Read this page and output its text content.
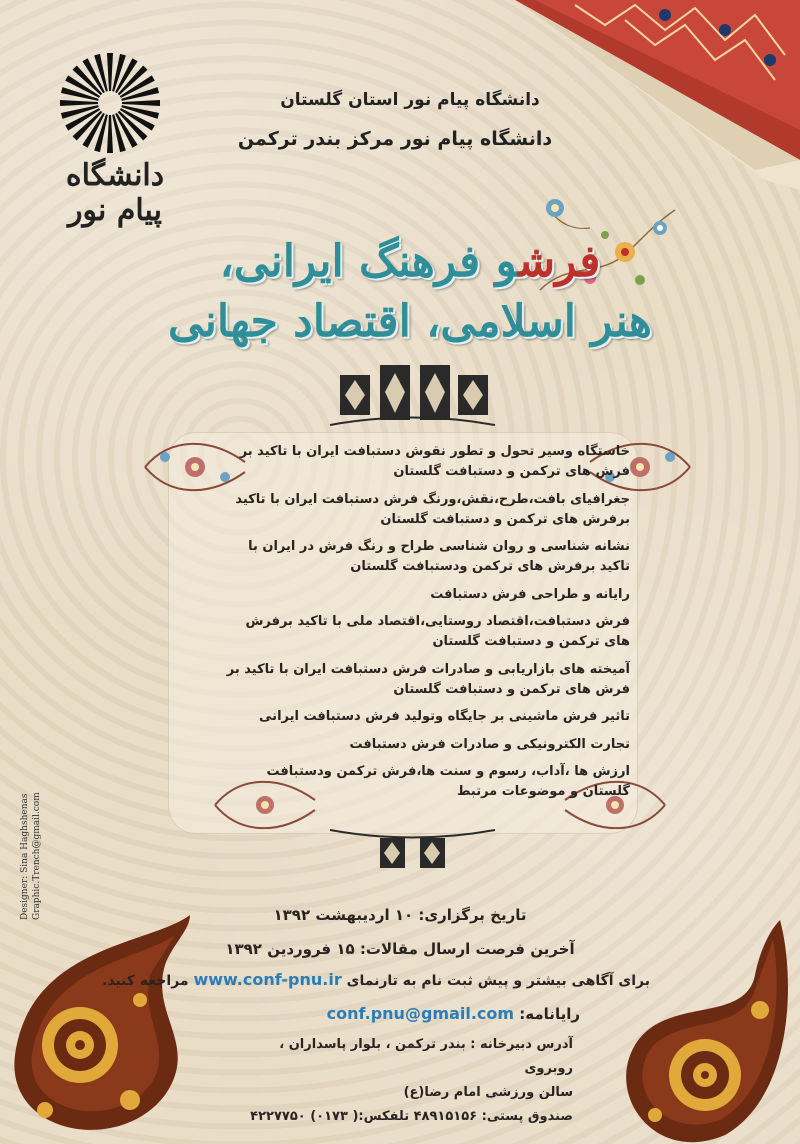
دانشگاه پیام نور
دانشگاه پیام نور استان گلستان
دانشگاه پیام نور مرکز بندر ترکمن
فرشو فرهنگ ایرانی،
هنر اسلامی، اقتصاد جهانی

خاستگاه وسیر تحول و تطور نقوش دستبافت ایران با تاکید بر فرش های ترکمن و دستبافت گلستان

جغرافیای بافت،طرح،نقش،ورنگ فرش دستبافت ایران با تاکید برفرش های ترکمن و دستبافت گلستان

نشانه شناسی و روان شناسی طراح و رنگ فرش در ایران با تاکید برفرش های ترکمن ودستبافت گلستان

رایانه و طراحی فرش دستبافت

فرش دستبافت،اقتصاد روستایی،اقتصاد ملی با تاکید برفرش های ترکمن و دستبافت گلستان

آمیخته های بازاریابی و صادرات فرش دستبافت ایران با تاکید بر فرش های ترکمن و دستبافت گلستان

تاثیر فرش ماشینی بر جایگاه وتولید فرش دستبافت ایرانی

تجارت الکترونیکی و صادرات فرش دستبافت

ارزش ها ،آداب، رسوم و سنت ها،فرش ترکمن ودستبافت گلستان و موضوعات مرتبط

تاریخ برگزاری: ۱۰ اردیبهشت ۱۳۹۲
آخرین فرصت ارسال مقالات: ۱۵ فروردین ۱۳۹۲
برای آگاهی بیشتر و پیش ثبت نام به تارنمای www.conf-pnu.ir مراجعه کنید.
رایانامه: conf.pnu@gmail.com
آدرس دبیرخانه : بندر ترکمن ، بلوار پاسداران ، روبروی
سالن ورزشی امام رضا(ع)
صندوق پستی: ۴۸۹۱۵۱۵۶ تلفکس:( ۰۱۷۳) ۴۲۲۷۷۵۰
Designer: Sina Haghshenas Graphic.Trench@gmail.com
